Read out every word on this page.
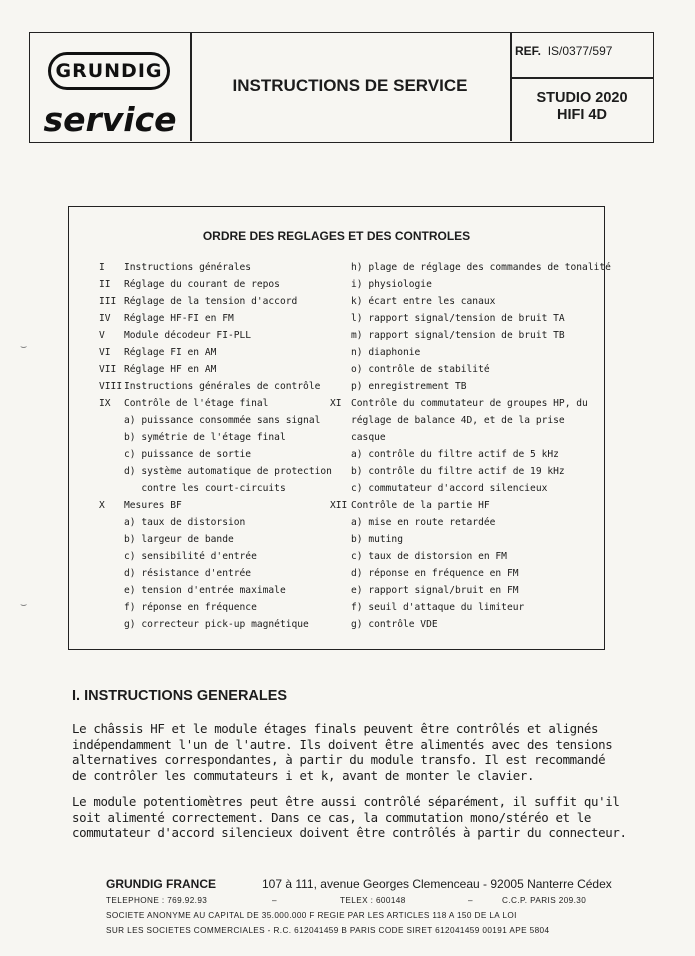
GRUNDIG
service
INSTRUCTIONS DE SERVICE
REF. IS/0377/597
STUDIO 2020
HIFI 4D
ORDRE DES REGLAGES ET DES CONTROLES
I Instructions générales
II Réglage du courant de repos
III Réglage de la tension d'accord
IV Réglage HF-FI en FM
V Module décodeur FI-PLL
VI Réglage FI en AM
VII Réglage HF en AM
VIII Instructions générales de contrôle
IX Contrôle de l'étage final
a) puissance consommée sans signal
b) symétrie de l'étage final
c) puissance de sortie
d) système automatique de protection
contre les court-circuits
X Mesures BF
a) taux de distorsion
b) largeur de bande
c) sensibilité d'entrée
d) résistance d'entrée
e) tension d'entrée maximale
f) réponse en fréquence
g) correcteur pick-up magnétique
h) plage de réglage des commandes de tonalité
i) physiologie
k) écart entre les canaux
l) rapport signal/tension de bruit TA
m) rapport signal/tension de bruit TB
n) diaphonie
o) contrôle de stabilité
p) enregistrement TB
XI Contrôle du commutateur de groupes HP, du
réglage de balance 4D, et de la prise
casque
a) contrôle du filtre actif de 5 kHz
b) contrôle du filtre actif de 19 kHz
c) commutateur d'accord silencieux
XII Contrôle de la partie HF
a) mise en route retardée
b) muting
c) taux de distorsion en FM
d) réponse en fréquence en FM
e) rapport signal/bruit en FM
f) seuil d'attaque du limiteur
g) contrôle VDE
I. INSTRUCTIONS GENERALES
Le châssis HF et le module étages finals peuvent être contrôlés et alignés
indépendamment l'un de l'autre. Ils doivent être alimentés avec des tensions
alternatives correspondantes, à partir du module transfo. Il est recommandé
de contrôler les commutateurs i et k, avant de monter le clavier.
Le module potentiomètres peut être aussi contrôlé séparément, il suffit qu'il
soit alimenté correctement. Dans ce cas, la commutation mono/stéréo et le
commutateur d'accord silencieux doivent être contrôlés à partir du connecteur.
GRUNDIG FRANCE	107 à 111, avenue Georges Clemenceau - 92005 Nanterre Cédex
TELEPHONE : 769.92.93	–	TELEX : 600148	–	C.C.P. PARIS 209.30
SOCIETE ANONYME AU CAPITAL DE 35.000.000 F REGIE PAR LES ARTICLES 118 A 150 DE LA LOI
SUR LES SOCIETES COMMERCIALES - R.C. 612041459 B PARIS CODE SIRET 612041459 00191 APE 5804
⌣
⌣
